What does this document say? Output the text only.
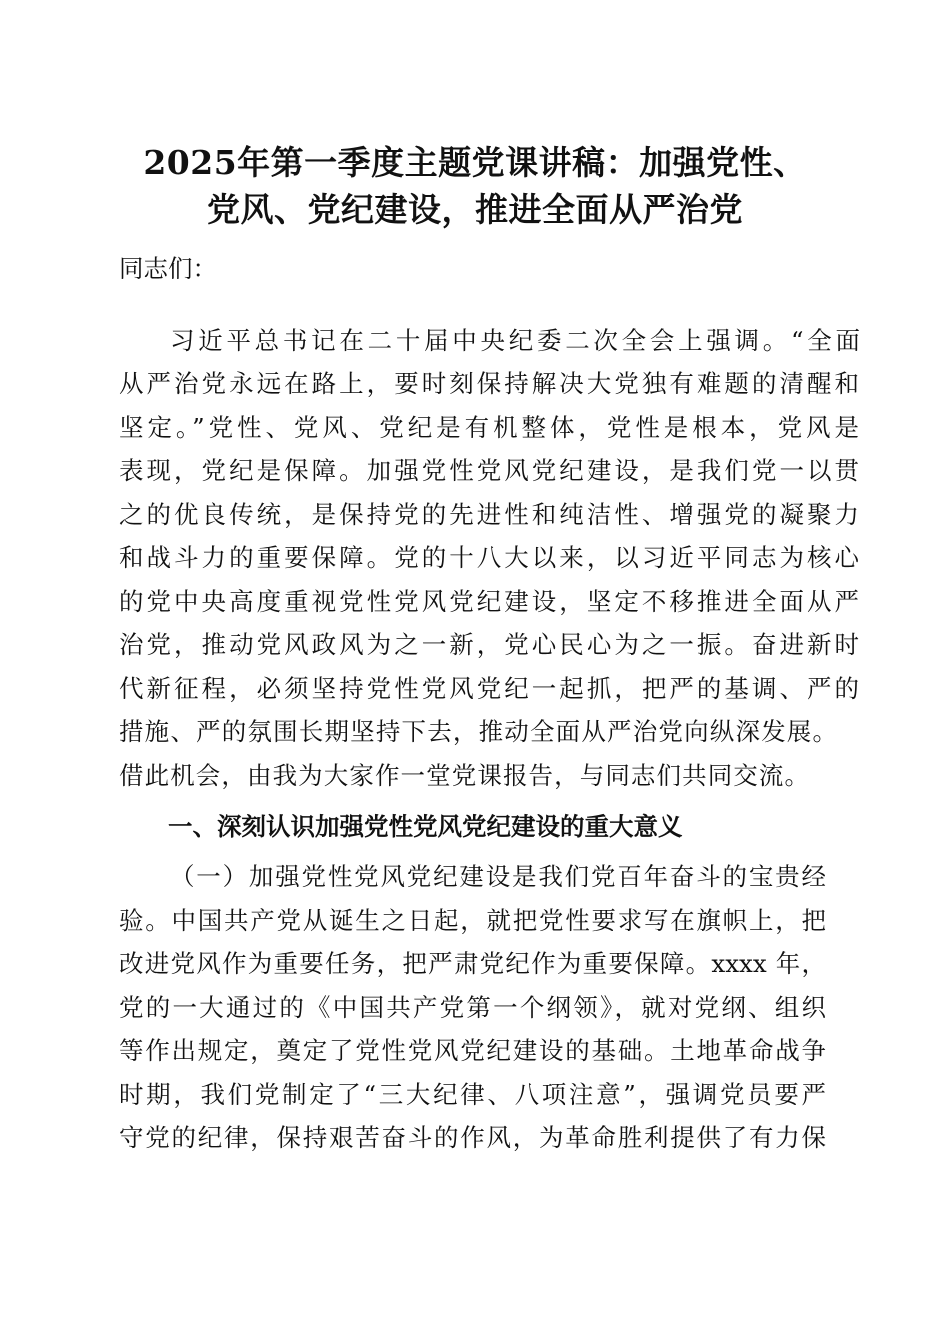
2025年第一季度主题党课讲稿：加强党性、
党风、党纪建设，推进全面从严治党

同志们：

习近平总书记在二十届中央纪委二次全会上强调。“全面

从严治党永远在路上，要时刻保持解决大党独有难题的清醒和

坚定。”党性、党风、党纪是有机整体，党性是根本，党风是

表现，党纪是保障。加强党性党风党纪建设，是我们党一以贯

之的优良传统，是保持党的先进性和纯洁性、增强党的凝聚力

和战斗力的重要保障。党的十八大以来，以习近平同志为核心

的党中央高度重视党性党风党纪建设，坚定不移推进全面从严

治党，推动党风政风为之一新，党心民心为之一振。奋进新时

代新征程，必须坚持党性党风党纪一起抓，把严的基调、严的

措施、严的氛围长期坚持下去，推动全面从严治党向纵深发展。

借此机会，由我为大家作一堂党课报告，与同志们共同交流。

一、深刻认识加强党性党风党纪建设的重大意义

（一）加强党性党风党纪建设是我们党百年奋斗的宝贵经

验。中国共产党从诞生之日起，就把党性要求写在旗帜上，把

改进党风作为重要任务，把严肃党纪作为重要保障。xxxx 年，

党的一大通过的《中国共产党第一个纲领》，就对党纲、组织

等作出规定，奠定了党性党风党纪建设的基础。土地革命战争

时期，我们党制定了“三大纪律、八项注意”，强调党员要严

守党的纪律，保持艰苦奋斗的作风，为革命胜利提供了有力保
